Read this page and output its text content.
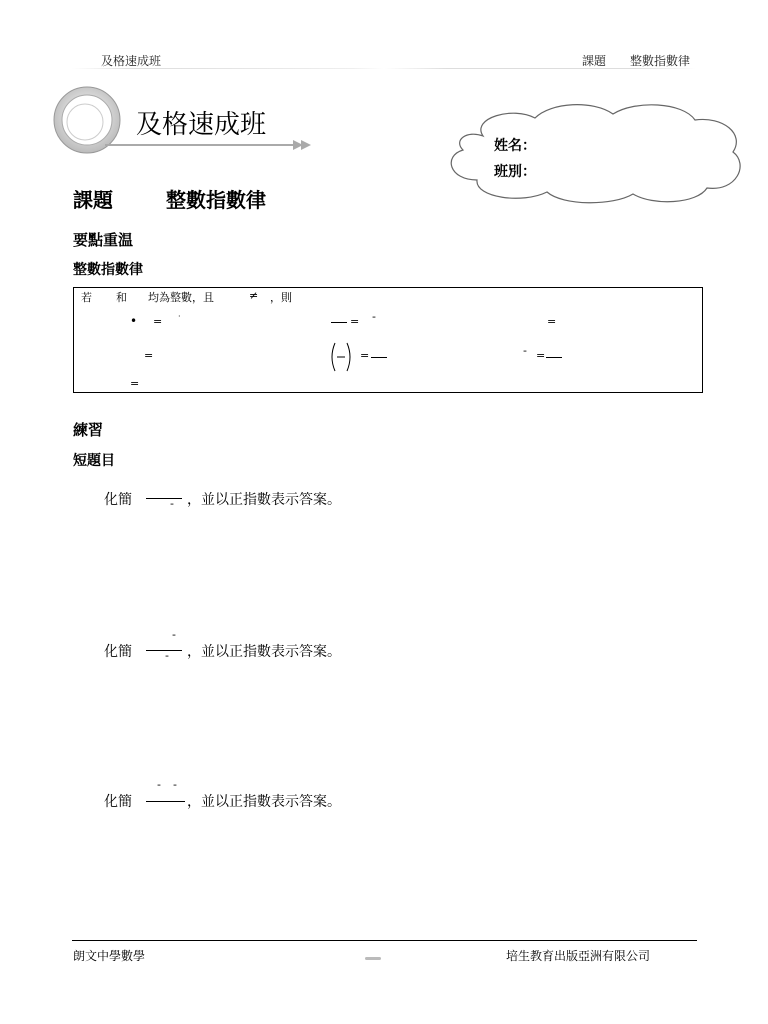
及格速成班	課題 整數指數律
及格速成班
姓名：
班別：
課題	整數指數律
要點重温
整數指數律
若 和 均為整數，且	≠ ，則
• = ·	= -	=
=	=	- =
=
練習
短題目
化簡	- ，並以正指數表示答案。
-
化簡	- ，並以正指數表示答案。
- -
化簡	，並以正指數表示答案。
朗文中學數學	培生教育出版亞洲有限公司
